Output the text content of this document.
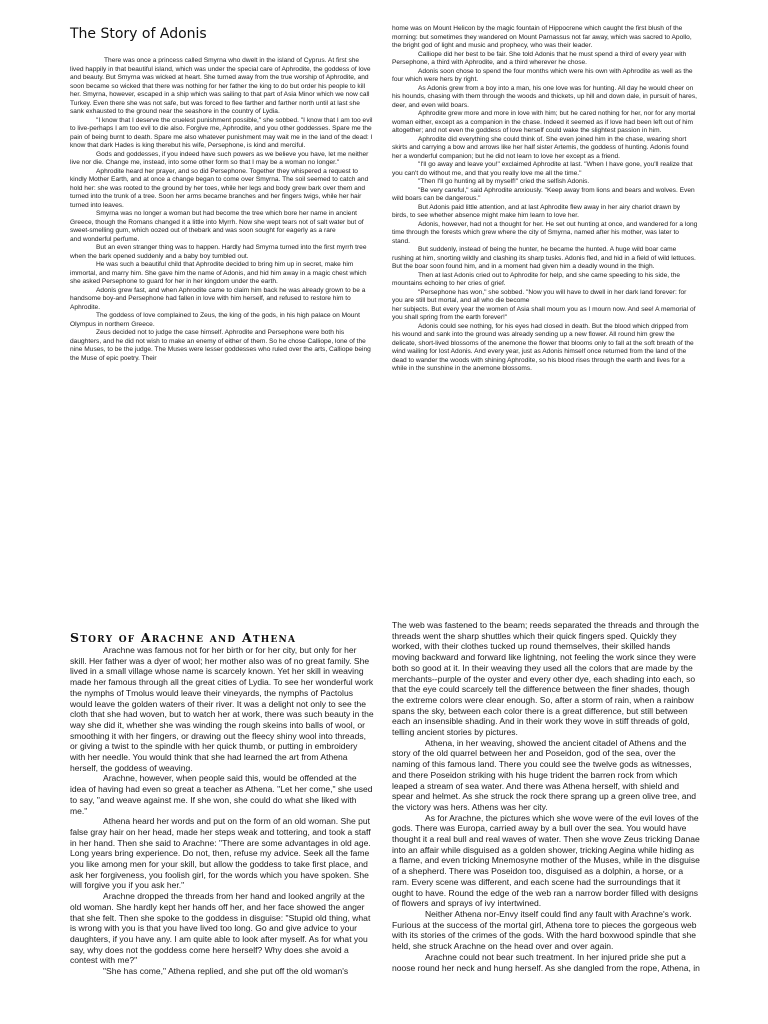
The Story of Adonis

There was once a princess called Smyrna who dwelt in the island of Cyprus. At first she lived happily in that beautiful island, which was under the special care of Aphrodite, the goddess of love and beauty. But Smyrna was wicked at heart. She turned away from the true worship of Aphrodite, and soon became so wicked that there was nothing for her father the king to do but order his people to kill her. Smyrna, however, escaped in a ship which was sailing to that part of Asia Minor which we now call Turkey. Even there she was not safe, but was forced to flee farther and farther north until at last she sank exhausted to the ground near the seashore in the country of Lydia.

"I know that I deserve the cruelest punishment possible," she sobbed. "I know that I am too evil to live-perhaps I am too evil to die also. Forgive me, Aphrodite, and you other goddesses. Spare me the pain of being burnt to death. Spare me also whatever punishment may wait me in the land of the dead: I know that dark Hades is king therebut his wife, Persephone, is kind and merciful.

Gods and goddesses, if you indeed have such powers as we believe you have, let me neither live nor die. Change me, instead, into some other form so that I may be a woman no longer."

Aphrodite heard her prayer, and so did Persephone. Together they whispered a request to kindly Mother Earth, and at once a change began to come over Smyrna. The soil seemed to catch and hold her: she was rooted to the ground by her toes, while her legs and body grew bark over them and turned into the trunk of a tree. Soon her arms became branches and her fingers twigs, while her hair turned into leaves.

Smyrna was no longer a woman but had become the tree which bore her name in ancient Greece, though the Romans changed it a little into Myrrh. Now she wept tears not of salt water but of sweet-smelling gum, which oozed out of thebark and was soon sought for eagerly as a rare

and wonderful perfume.

But an even stranger thing was to happen. Hardly had Smyrna turned into the first myrrh tree when the bark opened suddenly and a baby boy tumbled out.

He was such a beautiful child that Aphrodite decided to bring him up in secret, make him immortal, and marry him. She gave him the name of Adonis, and hid him away in a magic chest which she asked Persephone to guard for her in her kingdom under the earth.

Adonis grew fast, and when Aphrodite came to claim him back he was already grown to be a handsome boy-and Persephone had fallen in love with him herself, and refused to restore him to

Aphrodite.

The goddess of love complained to Zeus, the king of the gods, in his high palace on Mount Olympus in northern Greece.

Zeus decided not to judge the case himself. Aphrodite and Persephone were both his daughters, and he did not wish to make an enemy of either of them. So he chose Calliope, lone of the nine Muses, to be the judge. The Muses were lesser goddesses who ruled over the arts, Calliope being the Muse of epic poetry. Their

home was on Mount Helicon by the magic fountain of Hippocrene which caught the first blush of the morning: but sometimes they wandered on Mount Parnassus not far away, which was sacred to Apollo, the bright god of light and music and prophecy, who was their leader.

Calliope did her best to be fair. She told Adonis that he must spend a third of every year with Persephone, a third with Aphrodite, and a third wherever he chose.

Adonis soon chose to spend the four months which were his own with Aphrodite as well as the four which were hers by right.

As Adonis grew from a boy into a man, his one love was for hunting. All day he would cheer on his hounds, chasing with them through the woods and thickets, up hill and down dale, in pursuit of hares, deer, and even wild boars.

Aphrodite grew more and more in love with him; but he cared nothing for her, nor for any mortal woman either, except as a companion in the chase. Indeed it seemed as if love had been left out of him altogether; and not even the goddess of love herself could wake the slightest passion in him.

Aphrodite did everything she could think of. She even joined him in the chase, wearing short skirts and carrying a bow and arrows like her half sister Artemis, the goddess of hunting. Adonis found her a wonderful companion; but he did not learn to love her except as a friend.

"I'll go away and leave you!" exclaimed Aphrodite at last. "When I have gone, you'll realize that you can't do without me, and that you really love me all the time."

"Then I'll go hunting all by myself!" cried the selfish Adonis.

"Be very careful," said Aphrodite anxiously. "Keep away from lions and bears and wolves. Even wild boars can be dangerous."

But Adonis paid little attention, and at last Aphrodite flew away in her airy chariot drawn by birds, to see whether absence might make him learn to love her.

Adonis, however, had not a thought for her. He set out hunting at once, and wandered for a long time through the forests which grew where the city of Smyrna, named after his mother, was later to stand.

But suddenly, instead of being the hunter, he became the hunted. A huge wild boar came rushing at him, snorting wildly and clashing its sharp tusks. Adonis fled, and hid in a field of wild lettuces. But the boar soon found him, and in a moment had given him a deadly wound in the thigh.

Then at last Adonis cried out to Aphrodite for help, and she came speeding to his side, the mountains echoing to her cries of grief.

"Persephone has won," she sobbed. "Now you will have to dwell in her dark land forever: for you are still but mortal, and all who die become

her subjects. But every year the women of Asia shall mourn you as I mourn now. And see! A memorial of you shall spring from the earth forever!"

Adonis could see nothing, for his eyes had closed in death. But the blood which dripped from his wound and sank into the ground was already sending up a new flower. All round him grew the delicate, short-lived blossoms of the anemone the flower that blooms only to fall at the soft breath of the wind wailing for lost Adonis. And every year, just as Adonis himself once returned from the land of the dead to wander the woods with shining Aphrodite, so his blood rises through the earth and lives for a while in the sunshine in the anemone blossoms.

Story of Arachne and Athena

Arachne was famous not for her birth or for her city, but only for her skill. Her father was a dyer of wool; her mother also was of no great family. She lived in a small village whose name is scarcely known. Yet her skill in weaving made her famous through all the great cities of Lydia. To see her wonderful work the nymphs of Tmolus would leave their vineyards, the nymphs of Pactolus would leave the golden waters of their river. It was a delight not only to see the cloth that she had woven, but to watch her at work, there was such beauty in the way she did it, whether she was winding the rough skeins into balls of wool, or smoothing it with her fingers, or drawing out the fleecy shiny wool into threads, or giving a twist to the spindle with her quick thumb, or putting in embroidery with her needle. You would think that she had learned the art from Athena herself, the goddess of weaving.

Arachne, however, when people said this, would be offended at the idea of having had even so great a teacher as Athena. "Let her come," she used to say, "and weave against me. If she won, she could do what she liked with me."

Athena heard her words and put on the form of an old woman. She put false gray hair on her head, made her steps weak and tottering, and took a staff in her hand. Then she said to Arachne: "There are some advantages in old age. Long years bring experience. Do not, then, refuse my advice. Seek all the fame you like among men for your skill, but allow the goddess to take first place, and ask her forgiveness, you foolish girl, for the words which you have spoken. She will forgive you if you ask her."

Arachne dropped the threads from her hand and looked angrily at the old woman. She hardly kept her hands off her, and her face showed the anger that she felt. Then she spoke to the goddess in disguise: "Stupid old thing, what is wrong with you is that you have lived too long. Go and give advice to your daughters, if you have any. I am quite able to look after myself. As for what you say, why does not the goddess come here herself? Why does she avoid a contest with me?"

"She has come," Athena replied, and she put off the old woman's

The web was fastened to the beam; reeds separated the threads and through the threads went the sharp shuttles which their quick fingers sped. Quickly they worked, with their clothes tucked up round themselves, their skilled hands moving backward and forward like lightning, not feeling the work since they were both so good at it. In their weaving they used all the colors that are made by the merchants--purple of the oyster and every other dye, each shading into each, so that the eye could scarcely tell the difference between the finer shades, though the extreme colors were clear enough. So, after a storm of rain, when a rainbow spans the sky, between each color there is a great difference, but still between each an insensible shading. And in their work they wove in stiff threads of gold, telling ancient stories by pictures.

Athena, in her weaving, showed the ancient citadel of Athens and the story of the old quarrel between her and Poseidon, god of the sea, over the naming of this famous land. There you could see the twelve gods as witnesses, and there Poseidon striking with his huge trident the barren rock from which leaped a stream of sea water. And there was Athena herself, with shield and spear and helmet. As she struck the rock there sprang up a green olive tree, and the victory was hers. Athens was her city.

As for Arachne, the pictures which she wove were of the evil loves of the gods. There was Europa, carried away by a bull over the sea. You would have thought it a real bull and real waves of water. Then she wove Zeus tricking Danae into an affair while disguised as a golden shower, tricking Aegina while hiding as a flame, and even tricking Mnemosyne mother of the Muses, while in the disguise of a shepherd. There was Poseidon too, disguised as a dolphin, a horse, or a ram. Every scene was different, and each scene had the surroundings that it ought to have. Round the edge of the web ran a narrow border filled with designs of flowers and sprays of ivy intertwined.

Neither Athena nor-Envy itself could find any fault with Arachne's work. Furious at the success of the mortal girl, Athena tore to pieces the gorgeous web with its stories of the crimes of the gods. With the hard boxwood spindle that she held, she struck Arachne on the head over and over again.

Arachne could not bear such treatment. In her injured pride she put a noose round her neck and hung herself. As she dangled from the rope, Athena, in
